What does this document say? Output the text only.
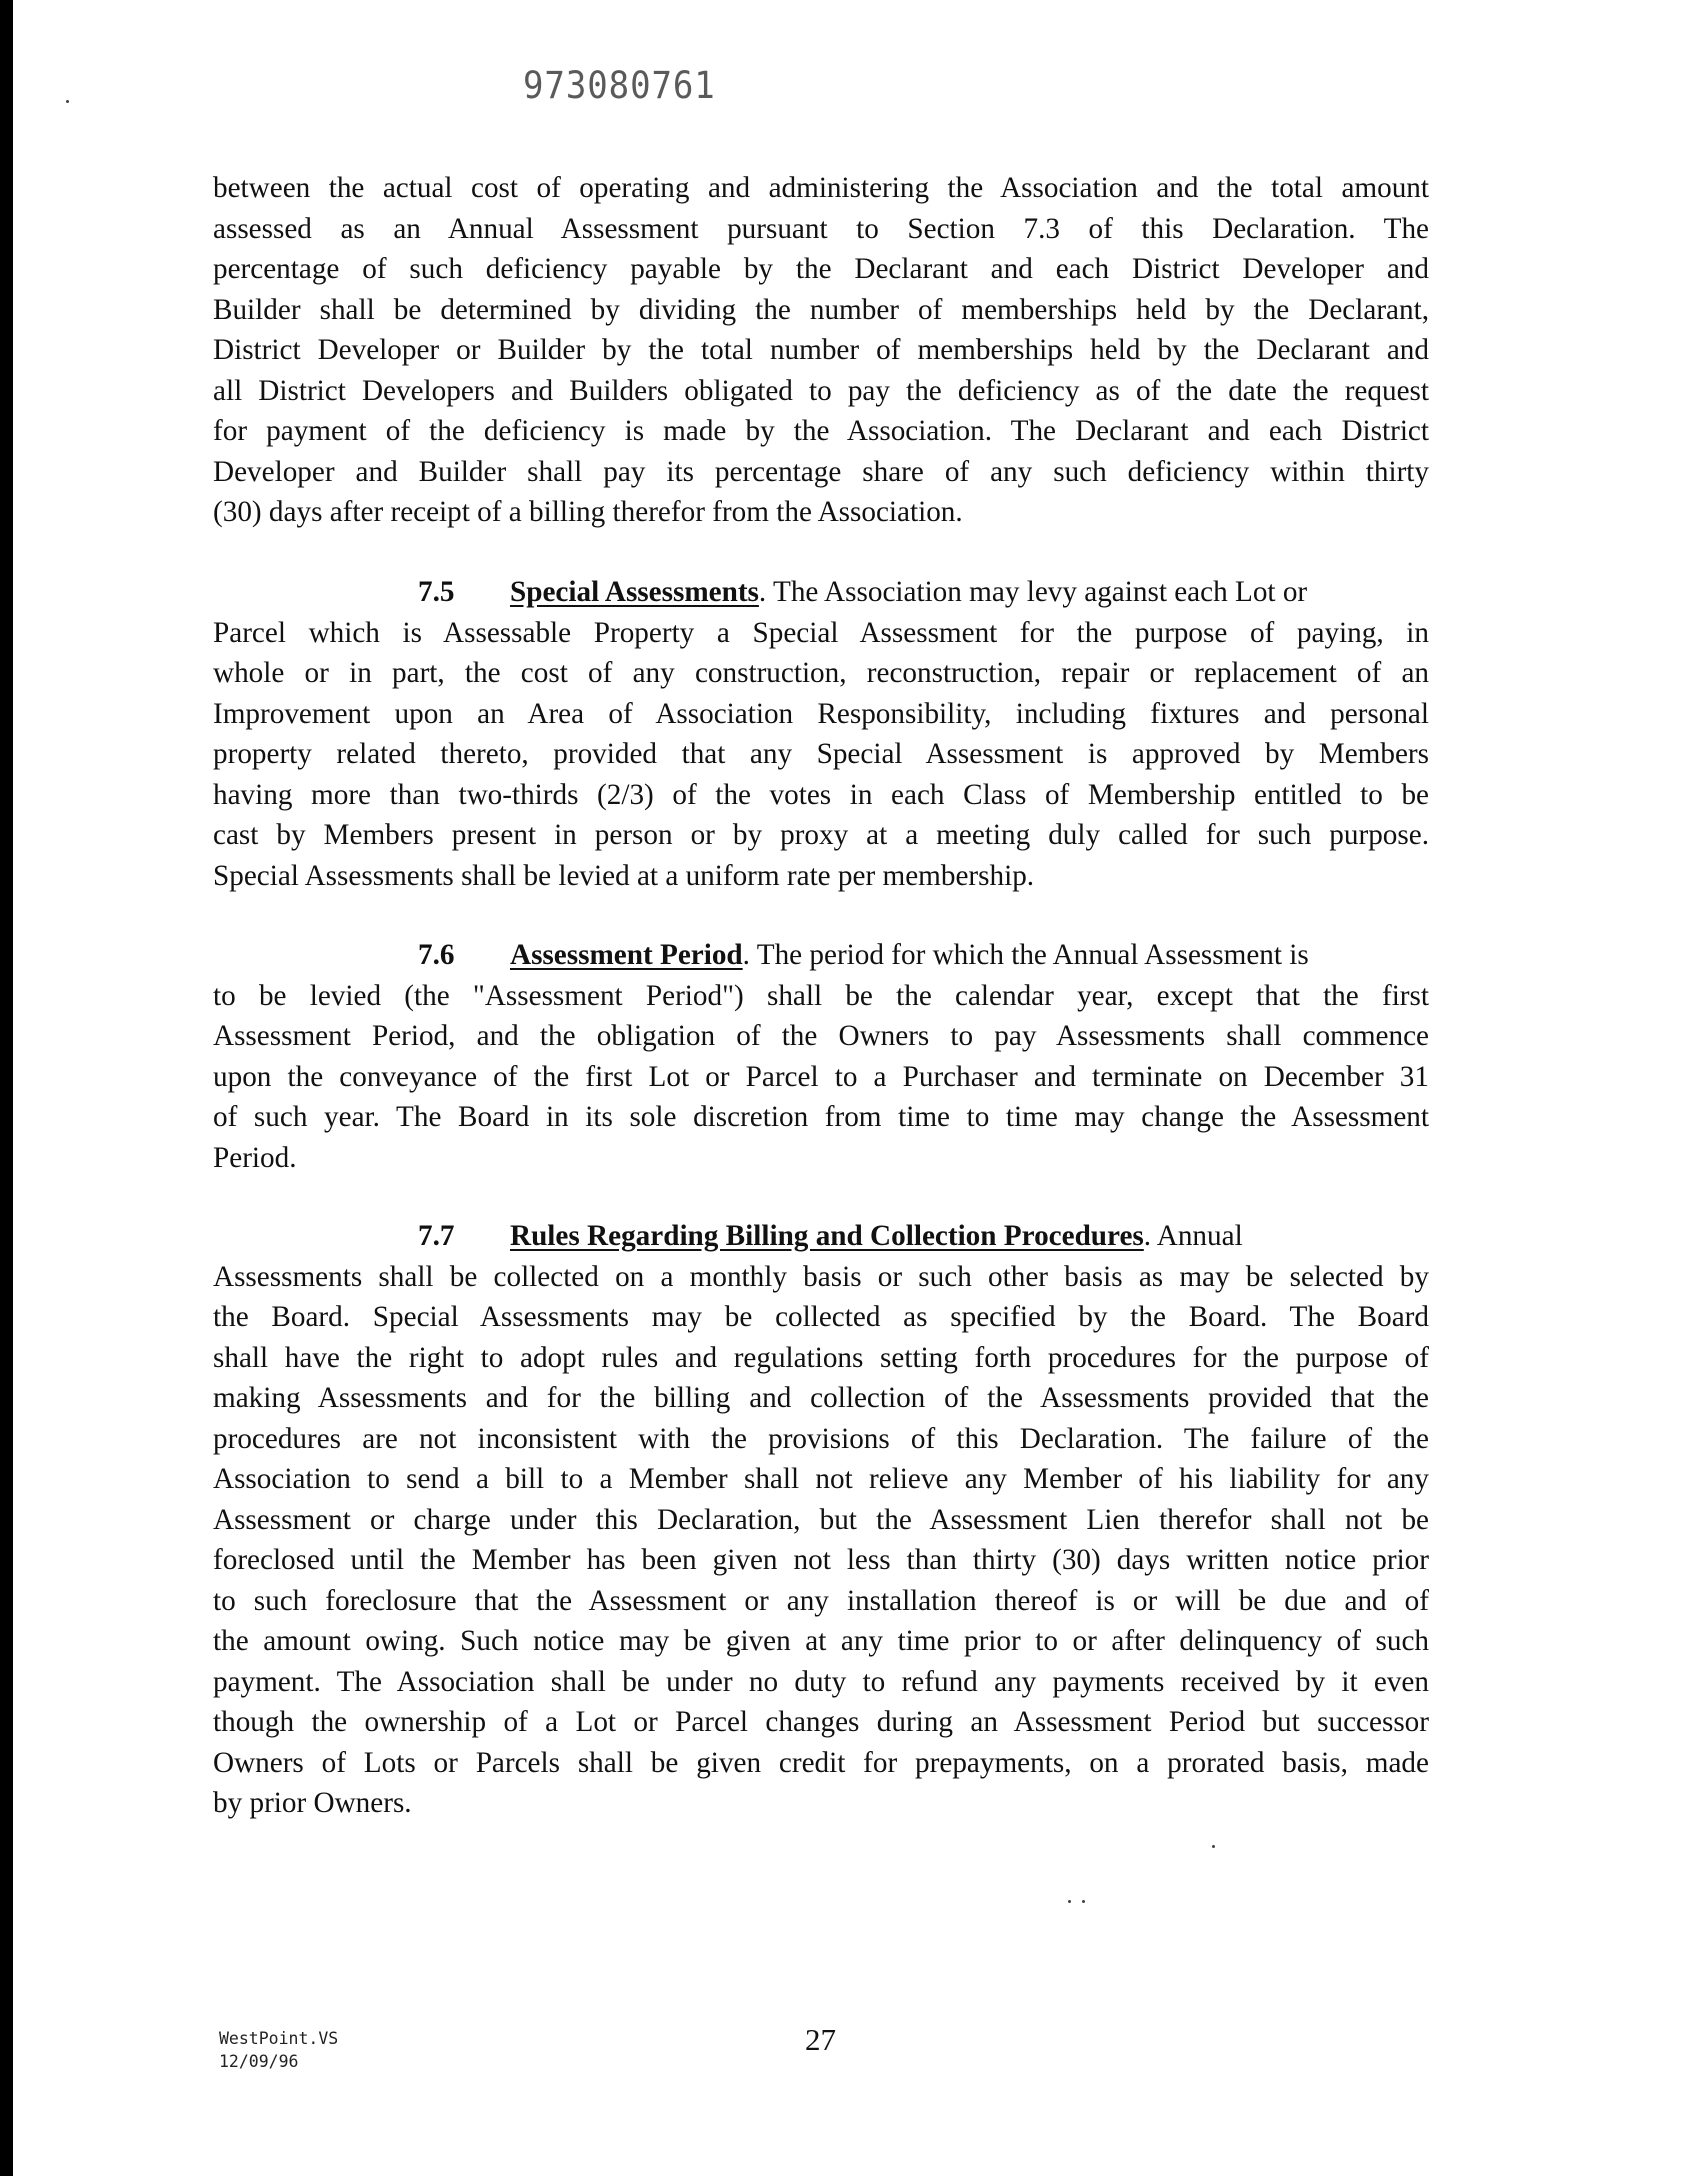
973080761
between the actual cost of operating and administering the Association and the total amount
assessed as an Annual Assessment pursuant to Section 7.3 of this Declaration. The
percentage of such deficiency payable by the Declarant and each District Developer and
Builder shall be determined by dividing the number of memberships held by the Declarant,
District Developer or Builder by the total number of memberships held by the Declarant and
all District Developers and Builders obligated to pay the deficiency as of the date the request
for payment of the deficiency is made by the Association. The Declarant and each District
Developer and Builder shall pay its percentage share of any such deficiency within thirty
(30) days after receipt of a billing therefor from the Association.
7.5 Special Assessments. The Association may levy against each Lot or
Parcel which is Assessable Property a Special Assessment for the purpose of paying, in
whole or in part, the cost of any construction, reconstruction, repair or replacement of an
Improvement upon an Area of Association Responsibility, including fixtures and personal
property related thereto, provided that any Special Assessment is approved by Members
having more than two-thirds (2/3) of the votes in each Class of Membership entitled to be
cast by Members present in person or by proxy at a meeting duly called for such purpose.
Special Assessments shall be levied at a uniform rate per membership.
7.6 Assessment Period. The period for which the Annual Assessment is
to be levied (the "Assessment Period") shall be the calendar year, except that the first
Assessment Period, and the obligation of the Owners to pay Assessments shall commence
upon the conveyance of the first Lot or Parcel to a Purchaser and terminate on December 31
of such year. The Board in its sole discretion from time to time may change the Assessment
Period.
7.7 Rules Regarding Billing and Collection Procedures. Annual
Assessments shall be collected on a monthly basis or such other basis as may be selected by
the Board. Special Assessments may be collected as specified by the Board. The Board
shall have the right to adopt rules and regulations setting forth procedures for the purpose of
making Assessments and for the billing and collection of the Assessments provided that the
procedures are not inconsistent with the provisions of this Declaration. The failure of the
Association to send a bill to a Member shall not relieve any Member of his liability for any
Assessment or charge under this Declaration, but the Assessment Lien therefor shall not be
foreclosed until the Member has been given not less than thirty (30) days written notice prior
to such foreclosure that the Assessment or any installation thereof is or will be due and of
the amount owing. Such notice may be given at any time prior to or after delinquency of such
payment. The Association shall be under no duty to refund any payments received by it even
though the ownership of a Lot or Parcel changes during an Assessment Period but successor
Owners of Lots or Parcels shall be given credit for prepayments, on a prorated basis, made
by prior Owners.
WestPoint.VS
12/09/96
27
